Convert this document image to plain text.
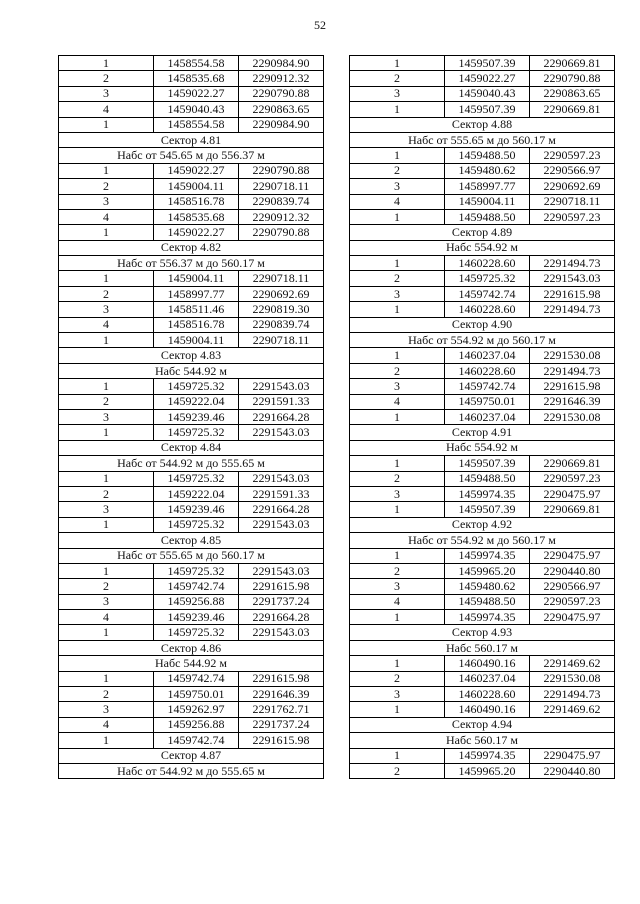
52
1	1458554.58	2290984.90
2	1458535.68	2290912.32
3	1459022.27	2290790.88
4	1459040.43	2290863.65
1	1458554.58	2290984.90
Сектор 4.81		
Набс от 545.65 м до 556.37 м		
1	1459022.27	2290790.88
2	1459004.11	2290718.11
3	1458516.78	2290839.74
4	1458535.68	2290912.32
1	1459022.27	2290790.88
Сектор 4.82		
Набс от 556.37 м до 560.17 м		
1	1459004.11	2290718.11
2	1458997.77	2290692.69
3	1458511.46	2290819.30
4	1458516.78	2290839.74
1	1459004.11	2290718.11
Сектор 4.83		
Набс 544.92 м		
1	1459725.32	2291543.03
2	1459222.04	2291591.33
3	1459239.46	2291664.28
1	1459725.32	2291543.03
Сектор 4.84		
Набс от 544.92 м до 555.65 м		
1	1459725.32	2291543.03
2	1459222.04	2291591.33
3	1459239.46	2291664.28
1	1459725.32	2291543.03
Сектор 4.85		
Набс от 555.65 м до 560.17 м		
1	1459725.32	2291543.03
2	1459742.74	2291615.98
3	1459256.88	2291737.24
4	1459239.46	2291664.28
1	1459725.32	2291543.03
Сектор 4.86		
Набс 544.92 м		
1	1459742.74	2291615.98
2	1459750.01	2291646.39
3	1459262.97	2291762.71
4	1459256.88	2291737.24
1	1459742.74	2291615.98
Сектор 4.87		
Набс от 544.92 м до 555.65 м		
1	1459507.39	2290669.81
2	1459022.27	2290790.88
3	1459040.43	2290863.65
1	1459507.39	2290669.81
Сектор 4.88		
Набс от 555.65 м до 560.17 м		
1	1459488.50	2290597.23
2	1459480.62	2290566.97
3	1458997.77	2290692.69
4	1459004.11	2290718.11
1	1459488.50	2290597.23
Сектор 4.89		
Набс 554.92 м		
1	1460228.60	2291494.73
2	1459725.32	2291543.03
3	1459742.74	2291615.98
1	1460228.60	2291494.73
Сектор 4.90		
Набс от 554.92 м до 560.17 м		
1	1460237.04	2291530.08
2	1460228.60	2291494.73
3	1459742.74	2291615.98
4	1459750.01	2291646.39
1	1460237.04	2291530.08
Сектор 4.91		
Набс 554.92 м		
1	1459507.39	2290669.81
2	1459488.50	2290597.23
3	1459974.35	2290475.97
1	1459507.39	2290669.81
Сектор 4.92		
Набс от 554.92 м до 560.17 м		
1	1459974.35	2290475.97
2	1459965.20	2290440.80
3	1459480.62	2290566.97
4	1459488.50	2290597.23
1	1459974.35	2290475.97
Сектор 4.93		
Набс 560.17 м		
1	1460490.16	2291469.62
2	1460237.04	2291530.08
3	1460228.60	2291494.73
1	1460490.16	2291469.62
Сектор 4.94		
Набс 560.17 м		
1	1459974.35	2290475.97
2	1459965.20	2290440.80
